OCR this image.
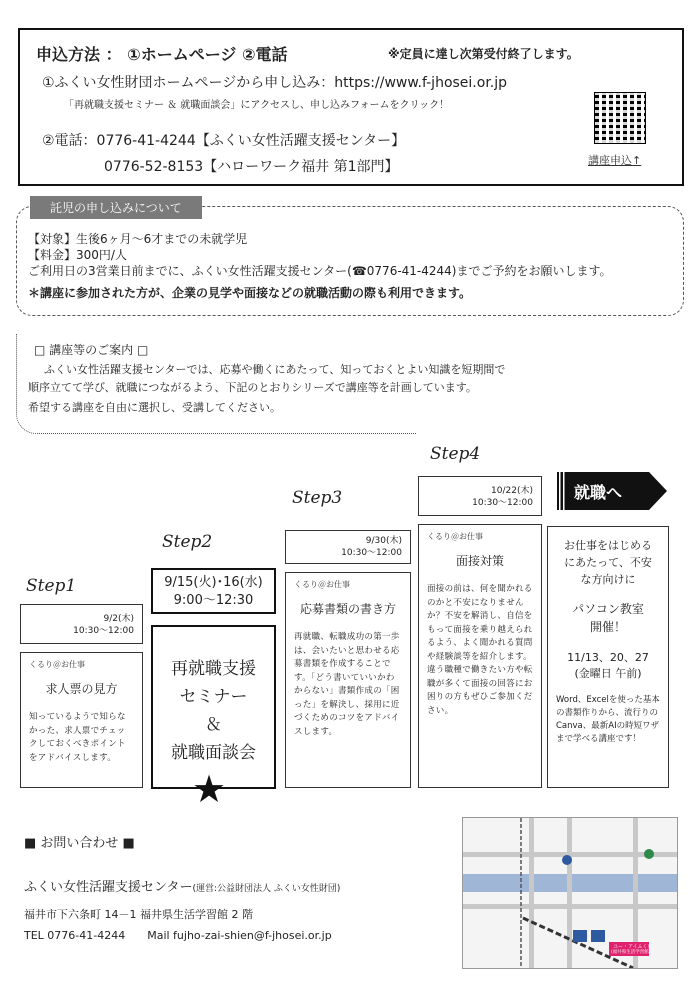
申込方法 ： ①ホームページ ②電話	※定員に達し次第受付終了します。
①ふくい女性財団ホームページから申し込み：https://www.f-jhosei.or.jp
「再就職支援セミナー ＆ 就職面談会」にアクセスし、申し込みフォームをクリック！
②電話：0776-41-4244【ふくい女性活躍支援センター】
0776-52-8153【ハローワーク福井 第1部門】	講座申込↑
託児の申し込みについて
【対象】生後6ヶ月～6才までの未就学児
【料金】300円/人
ご利用日の3営業日前までに、ふくい女性活躍支援センター(☎0776-41-4244)までご予約をお願いします。
＊講座に参加された方が、企業の見学や面接などの就職活動の際も利用できます。
□ 講座等のご案内 □
ふくい女性活躍支援センターでは、応募や働くにあたって、知っておくとよい知識を短期間で
順序立てて学び、就職につながるよう、下記のとおりシリーズで講座等を計画しています。
希望する講座を自由に選択し、受講してください。
Step1
Step2
Step3
Step4
9/2(木)
10:30～12:00
くるり＠お仕事
求人票の見方
知っているようで知らなかった、求人票でチェックしておくべきポイントをアドバイスします。
9/15(火)･16(水)
9:00～12:30
再就職支援
セミナー
＆
就職面談会
★
9/30(木)
10:30～12:00
くるり＠お仕事
応募書類の書き方
再就職、転職成功の第一歩は、会いたいと思わせる応募書類を作成することです。「どう書いていいかわからない」書類作成の「困った」を解決し、採用に近づくためのコツをアドバイスします。
10/22(木)
10:30～12:00
くるり＠お仕事
面接対策
面接の前は、何を聞かれるのかと不安になりませんか？不安を解消し、自信をもって面接を乗り越えられるよう、よく聞かれる質問や経験談等を紹介します。違う職種で働きたい方や転職が多くて面接の回答にお困りの方もぜひご参加ください。
就職へ
お仕事をはじめる
にあたって、不安
な方向けに
パソコン教室
開催！
11/13、20、27
(金曜日 午前)
Word、Excelを使った基本の書類作りから、流行りのCanva、最新AIの時短ワザまで学べる講座です！
■ お問い合わせ ■
ふくい女性活躍支援センター(運営:公益財団法人 ふくい女性財団)
福井市下六条町 14－1 福井県生活学習館 2 階
TEL 0776-41-4244 Mail fujho-zai-shien@f-jhosei.or.jp
ユー・アイふくい
(福井県生活学習館)
